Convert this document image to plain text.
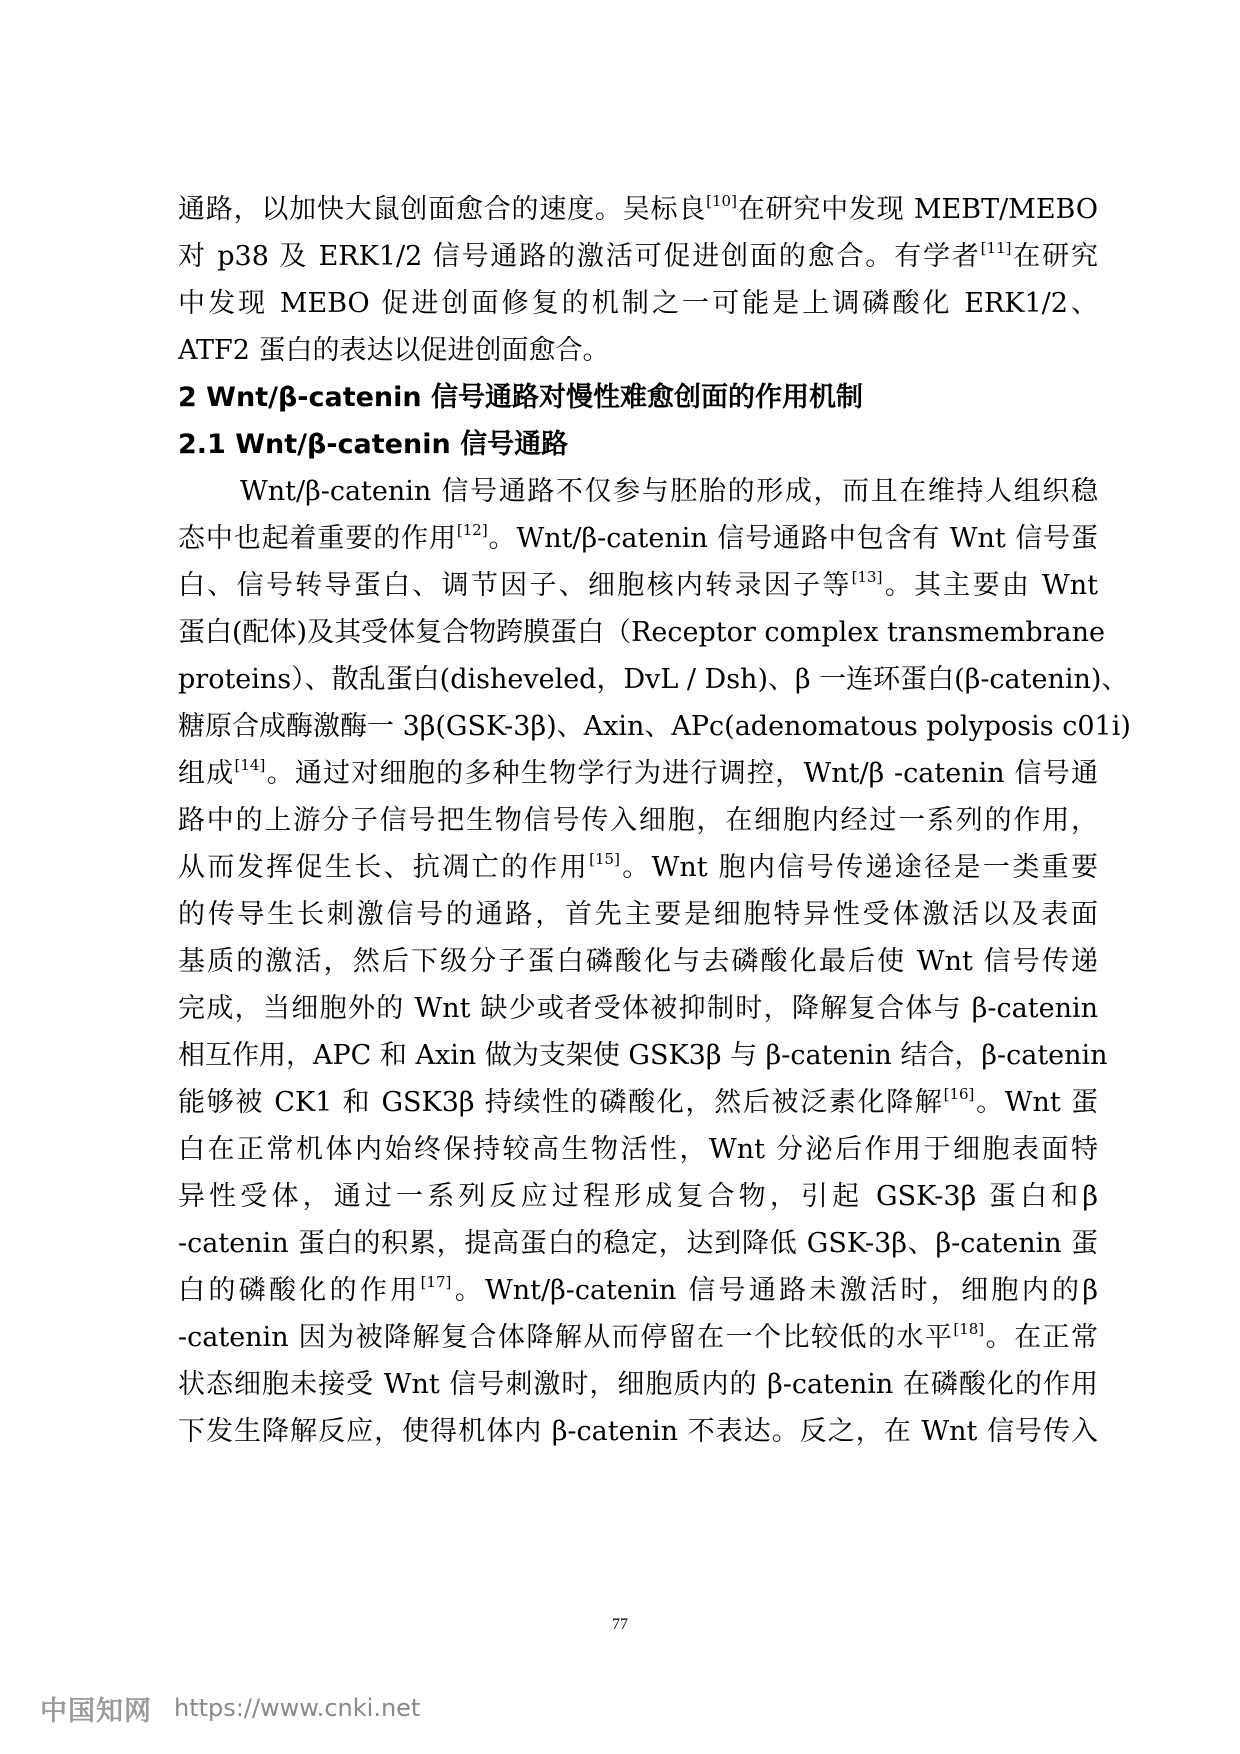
通路，以加快大鼠创面愈合的速度。吴标良[10]在研究中发现 MEBT/MEBO
对 p38 及 ERK1/2 信号通路的激活可促进创面的愈合。有学者[11]在研究
中发现 MEBO 促进创面修复的机制之一可能是上调磷酸化 ERK1/2、
ATF2 蛋白的表达以促进创面愈合。
2 Wnt/β-catenin 信号通路对慢性难愈创面的作用机制
2.1 Wnt/β-catenin 信号通路
Wnt/β-catenin 信号通路不仅参与胚胎的形成，而且在维持人组织稳
态中也起着重要的作用[12]。Wnt/β-catenin 信号通路中包含有 Wnt 信号蛋
白、信号转导蛋白、调节因子、细胞核内转录因子等[13]。其主要由 Wnt
蛋白(配体)及其受体复合物跨膜蛋白（Receptor complex transmembrane
proteins）、散乱蛋白(disheveled，DvL / Dsh)、β 一连环蛋白(β-catenin)、
糖原合成酶激酶一 3β(GSK-3β)、Axin、APc(adenomatous polyposis c01i)
组成[14]。通过对细胞的多种生物学行为进行调控，Wnt/β -catenin 信号通
路中的上游分子信号把生物信号传入细胞，在细胞内经过一系列的作用，
从而发挥促生长、抗凋亡的作用[15]。Wnt 胞内信号传递途径是一类重要
的传导生长刺激信号的通路，首先主要是细胞特异性受体激活以及表面
基质的激活，然后下级分子蛋白磷酸化与去磷酸化最后使 Wnt 信号传递
完成，当细胞外的 Wnt 缺少或者受体被抑制时，降解复合体与 β-catenin
相互作用，APC 和 Axin 做为支架使 GSK3β 与 β-catenin 结合，β-catenin
能够被 CK1 和 GSK3β 持续性的磷酸化，然后被泛素化降解[16]。Wnt 蛋
白在正常机体内始终保持较高生物活性，Wnt 分泌后作用于细胞表面特
异性受体，通过一系列反应过程形成复合物，引起 GSK-3β 蛋白和β
-catenin 蛋白的积累，提高蛋白的稳定，达到降低 GSK-3β、β-catenin 蛋
白的磷酸化的作用[17]。Wnt/β-catenin 信号通路未激活时，细胞内的β
-catenin 因为被降解复合体降解从而停留在一个比较低的水平[18]。在正常
状态细胞未接受 Wnt 信号刺激时，细胞质内的 β-catenin 在磷酸化的作用
下发生降解反应，使得机体内 β-catenin 不表达。反之，在 Wnt 信号传入
77
中国知网 https://www.cnki.net
